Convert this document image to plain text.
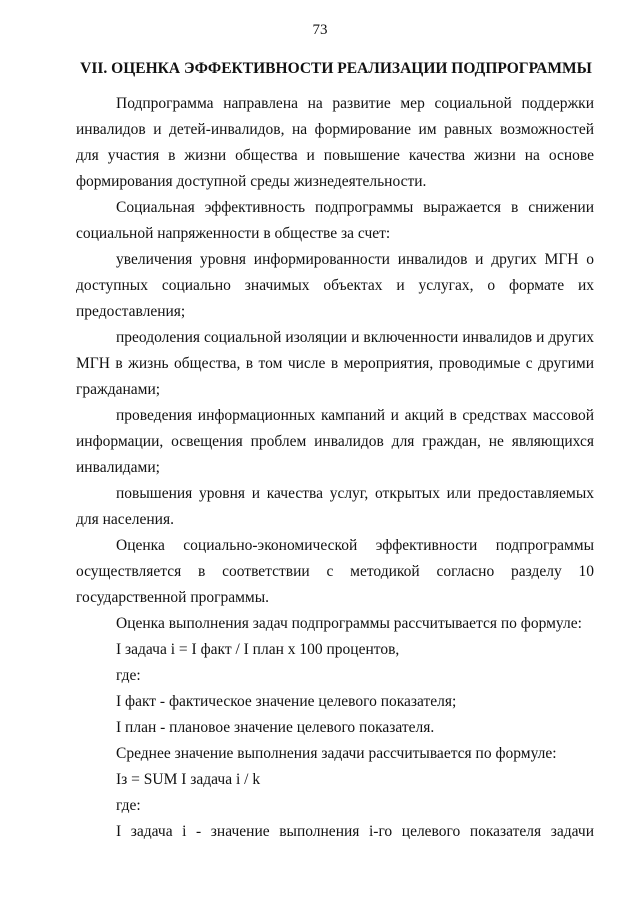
73
VII. ОЦЕНКА ЭФФЕКТИВНОСТИ РЕАЛИЗАЦИИ ПОДПРОГРАММЫ

Подпрограмма направлена на развитие мер социальной поддержки инвалидов и детей-инвалидов, на формирование им равных возможностей для участия в жизни общества и повышение качества жизни на основе формирования доступной среды жизнедеятельности.

Социальная эффективность подпрограммы выражается в снижении социальной напряженности в обществе за счет:

увеличения уровня информированности инвалидов и других МГН о доступных социально значимых объектах и услугах, о формате их предоставления;

преодоления социальной изоляции и включенности инвалидов и других МГН в жизнь общества, в том числе в мероприятия, проводимые с другими гражданами;

проведения информационных кампаний и акций в средствах массовой информации, освещения проблем инвалидов для граждан, не являющихся инвалидами;

повышения уровня и качества услуг, открытых или предоставляемых для населения.

Оценка социально-экономической эффективности подпрограммы осуществляется в соответствии с методикой согласно разделу 10 государственной программы.

Оценка выполнения задач подпрограммы рассчитывается по формуле:

I задача i = I факт / I план x 100 процентов,

где:

I факт - фактическое значение целевого показателя;

I план - плановое значение целевого показателя.

Среднее значение выполнения задачи рассчитывается по формуле:

Iз = SUM I задача i / k

где:

I задача i - значение выполнения i-го целевого показателя задачи
